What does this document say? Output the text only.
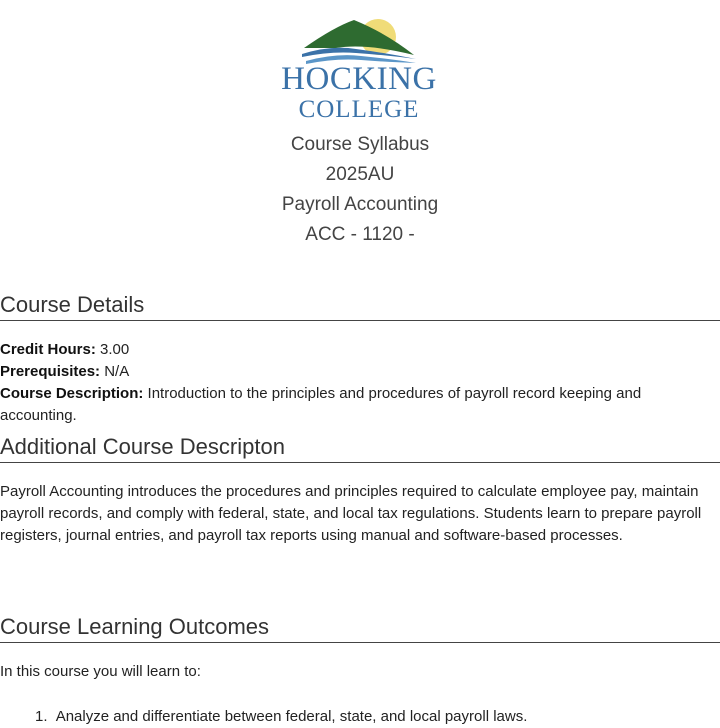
HOCKING
COLLEGE
Course Syllabus
2025AU
Payroll Accounting
ACC - 1120 -
Course Details
Credit Hours: 3.00
Prerequisites: N/A
Course Description: Introduction to the principles and procedures of payroll record keeping and accounting.
Additional Course Descripton

Payroll Accounting introduces the procedures and principles required to calculate employee pay, maintain payroll records, and comply with federal, state, and local tax regulations. Students learn to prepare payroll registers, journal entries, and payroll tax reports using manual and software-based processes.

Course Learning Outcomes
In this course you will learn to:
1. Analyze and differentiate between federal, state, and local payroll laws.
